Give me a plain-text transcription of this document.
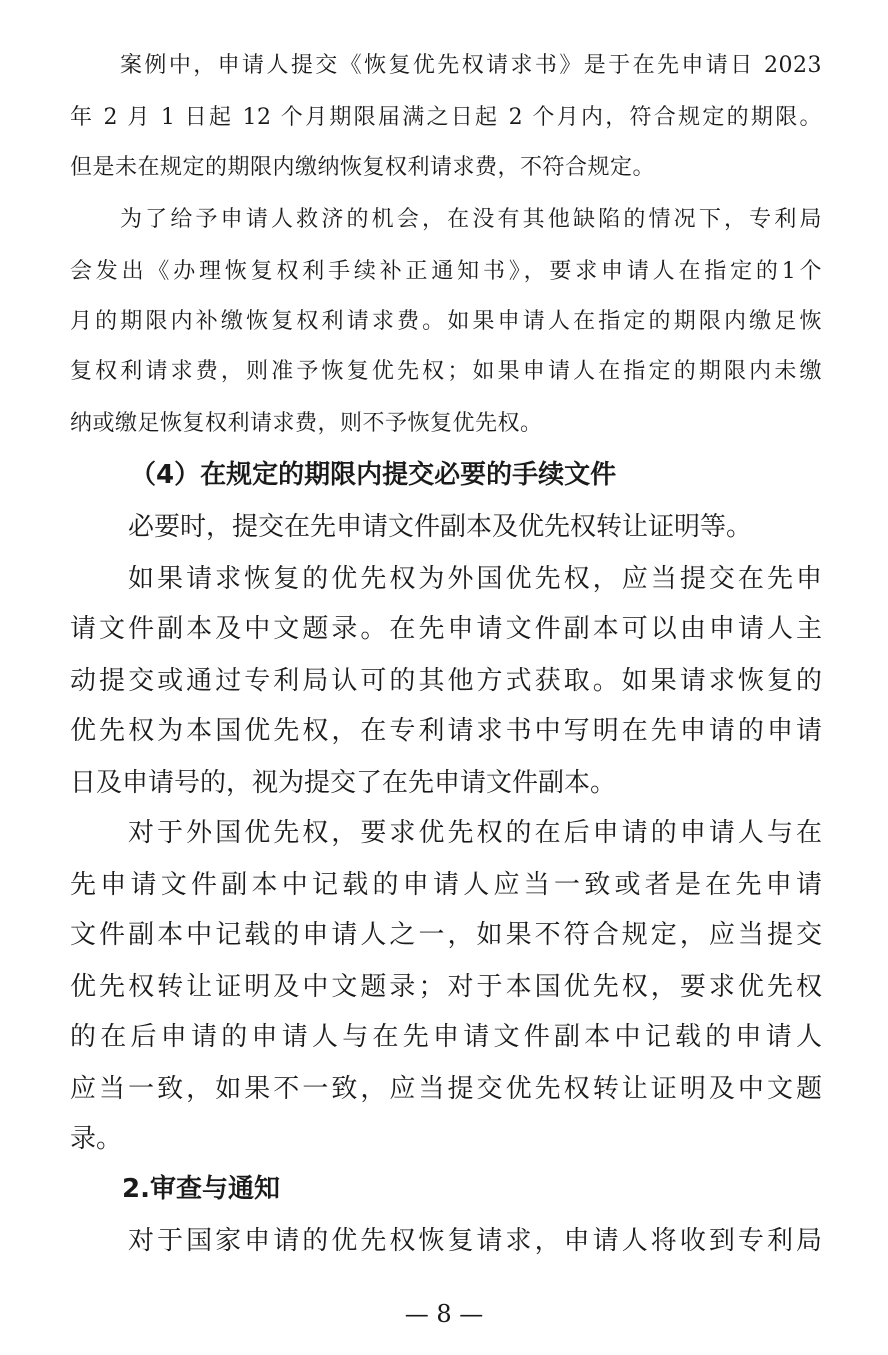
案例中，申请人提交《恢复优先权请求书》是于在先申请日 2023
年 2 月 1 日起 12 个月期限届满之日起 2 个月内，符合规定的期限。
但是未在规定的期限内缴纳恢复权利请求费，不符合规定。
为了给予申请人救济的机会，在没有其他缺陷的情况下，专利局
会发出《办理恢复权利手续补正通知书》，要求申请人在指定的1个
月的期限内补缴恢复权利请求费。如果申请人在指定的期限内缴足恢
复权利请求费，则准予恢复优先权；如果申请人在指定的期限内未缴
纳或缴足恢复权利请求费，则不予恢复优先权。
（4）在规定的期限内提交必要的手续文件
必要时，提交在先申请文件副本及优先权转让证明等。
如果请求恢复的优先权为外国优先权，应当提交在先申
请文件副本及中文题录。在先申请文件副本可以由申请人主
动提交或通过专利局认可的其他方式获取。如果请求恢复的
优先权为本国优先权，在专利请求书中写明在先申请的申请
日及申请号的，视为提交了在先申请文件副本。
对于外国优先权，要求优先权的在后申请的申请人与在
先申请文件副本中记载的申请人应当一致或者是在先申请
文件副本中记载的申请人之一，如果不符合规定，应当提交
优先权转让证明及中文题录；对于本国优先权，要求优先权
的在后申请的申请人与在先申请文件副本中记载的申请人
应当一致，如果不一致，应当提交优先权转让证明及中文题
录。
2.审查与通知
对于国家申请的优先权恢复请求，申请人将收到专利局
— 8 —
